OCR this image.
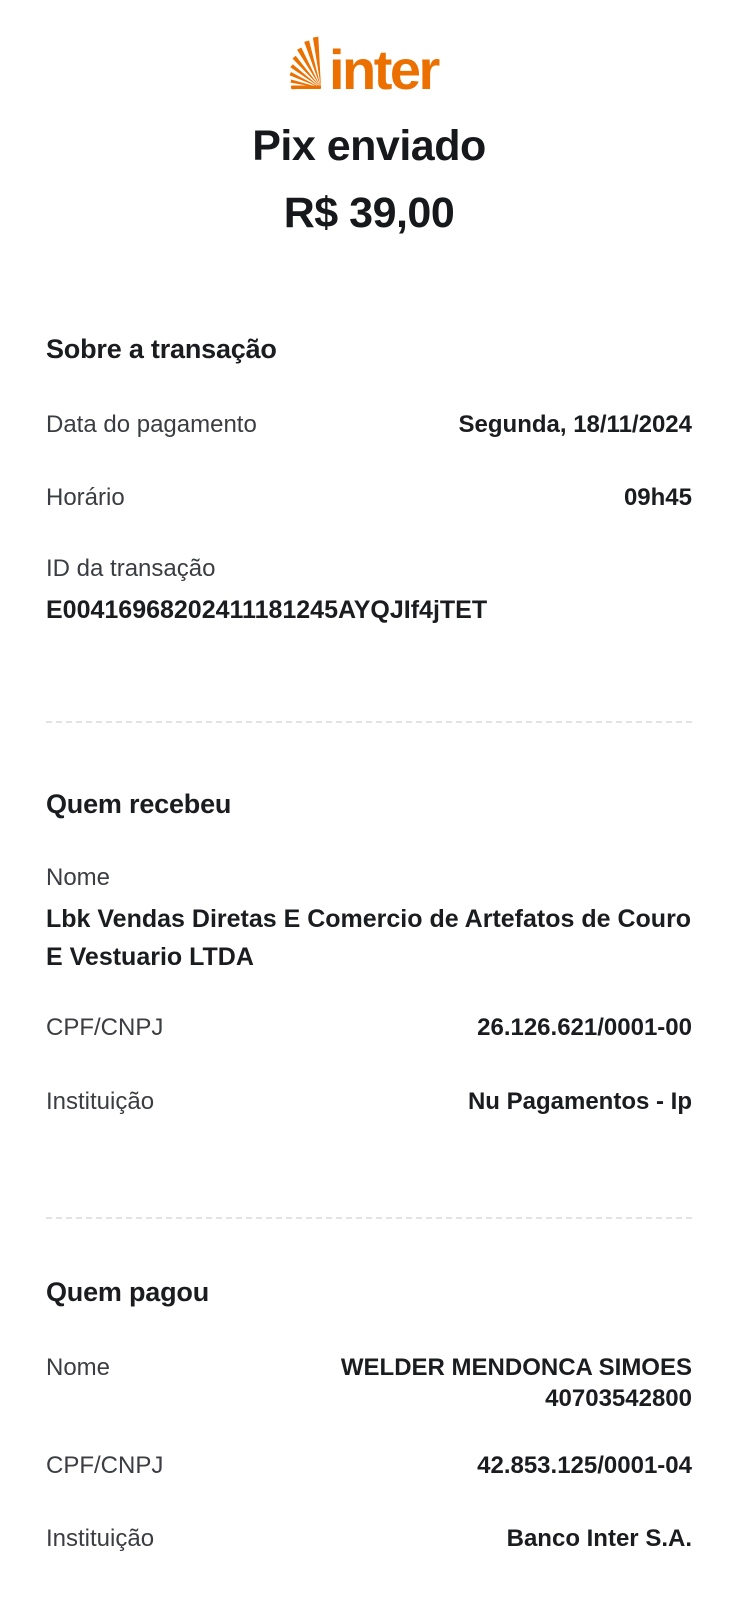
inter
Pix enviado
R$ 39,00
Sobre a transação
Data do pagamento	Segunda, 18/11/2024
Horário	09h45
ID da transação
E00416968202411181245AYQJIf4jTET
Quem recebeu
Nome
Lbk Vendas Diretas E Comercio de Artefatos de Couro E Vestuario LTDA
CPF/CNPJ	26.126.621/0001-00
Instituição	Nu Pagamentos - Ip
Quem pagou
Nome	WELDER MENDONCA SIMOES
40703542800
CPF/CNPJ	42.853.125/0001-04
Instituição	Banco Inter S.A.
